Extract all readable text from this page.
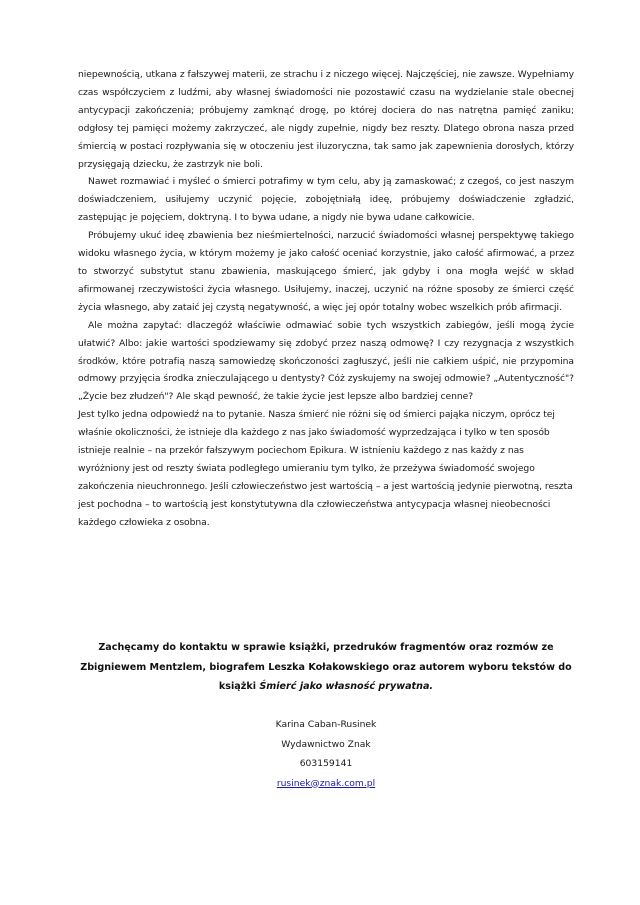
niepewnością, utkana z fałszywej materii, ze strachu i z niczego więcej. Najczęściej, nie zawsze. Wypełniamy czas współczyciem z ludźmi, aby własnej świadomości nie pozostawić czasu na wydzielanie stale obecnej antycypacji zakończenia; próbujemy zamknąć drogę, po której dociera do nas natrętna pamięć zaniku; odgłosy tej pamięci możemy zakrzyczeć, ale nigdy zupełnie, nigdy bez reszty. Dlatego obrona nasza przed śmiercią w postaci rozpływania się w otoczeniu jest iluzoryczna, tak samo jak zapewnienia dorosłych, którzy przysięgają dziecku, że zastrzyk nie boli.

Nawet rozmawiać i myśleć o śmierci potrafimy w tym celu, aby ją zamaskować; z czegoś, co jest naszym doświadczeniem, usiłujemy uczynić pojęcie, zobojętniałą ideę, próbujemy doświadczenie zgładzić, zastępując je pojęciem, doktryną. I to bywa udane, a nigdy nie bywa udane całkowicie.

Próbujemy ukuć ideę zbawienia bez nieśmiertelności, narzucić świadomości własnej perspektywę takiego widoku własnego życia, w którym możemy je jako całość oceniać korzystnie, jako całość afirmować, a przez to stworzyć substytut stanu zbawienia, maskującego śmierć, jak gdyby i ona mogła wejść w skład afirmowanej rzeczywistości życia własnego. Usiłujemy, inaczej, uczynić na różne sposoby ze śmierci część życia własnego, aby zataić jej czystą negatywność, a więc jej opór totalny wobec wszelkich prób afirmacji.

Ale można zapytać: dlaczegóż właściwie odmawiać sobie tych wszystkich zabiegów, jeśli mogą życie ułatwić? Albo: jakie wartości spodziewamy się zdobyć przez naszą odmowę? I czy rezygnacja z wszystkich środków, które potrafią naszą samowiedzę skończoności zagłuszyć, jeśli nie całkiem uśpić, nie przypomina odmowy przyjęcia środka znieczulającego u dentysty? Cóż zyskujemy na swojej odmowie? „Autentyczność"? „Życie bez złudzeń"? Ale skąd pewność, że takie życie jest lepsze albo bardziej cenne?

Jest tylko jedna odpowiedź na to pytanie. Nasza śmierć nie różni się od śmierci pająka niczym, oprócz tej właśnie okoliczności, że istnieje dla każdego z nas jako świadomość wyprzedzająca i tylko w ten sposób istnieje realnie – na przekór fałszywym pociechom Epikura. W istnieniu każdego z nas każdy z nas wyróżniony jest od reszty świata podległego umieraniu tym tylko, że przeżywa świadomość swojego zakończenia nieuchronnego. Jeśli człowieczeństwo jest wartością – a jest wartością jedynie pierwotną, reszta jest pochodna – to wartością jest konstytutywna dla człowieczeństwa antycypacja własnej nieobecności każdego człowieka z osobna.

Zachęcamy do kontaktu w sprawie książki, przedruków fragmentów oraz rozmów ze Zbigniewem Mentzlem, biografem Leszka Kołakowskiego oraz autorem wyboru tekstów do książki Śmierć jako własność prywatna.
Karina Caban-Rusinek
Wydawnictwo Znak
603159141
rusinek@znak.com.pl
